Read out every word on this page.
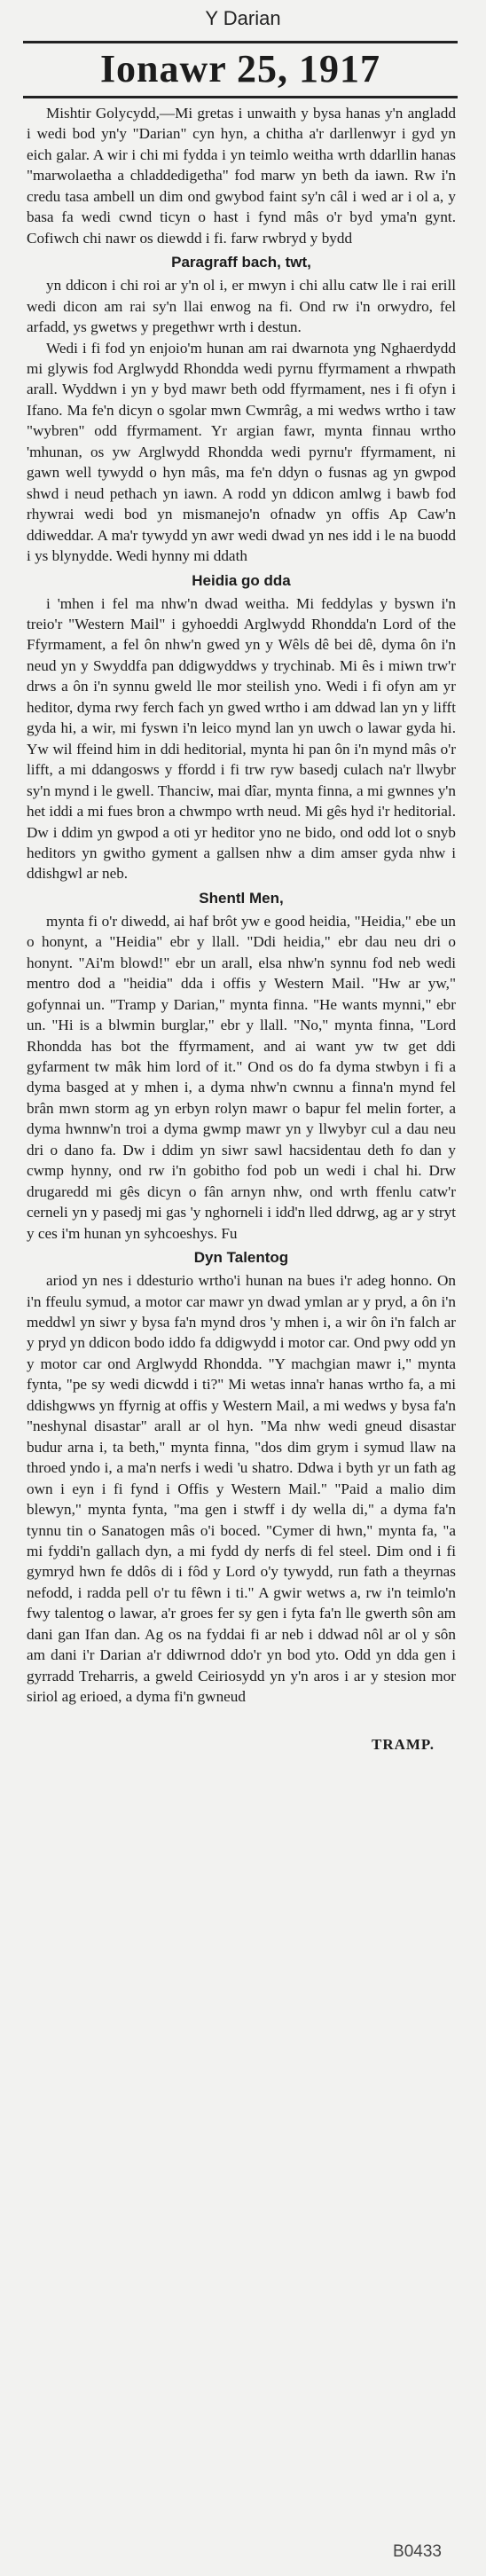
Y Darian
Ionawr 25, 1917

Mishtir Golycydd,—Mi gretas i unwaith y bysa hanas y'n angladd i wedi bod yn'y "Darian" cyn hyn, a chitha a'r darllenwyr i gyd yn eich galar. A wir i chi mi fydda i yn teimlo weitha wrth ddarllin hanas "marwolaetha a chladdedigetha" fod marw yn beth da iawn. Rw i'n credu tasa ambell un dim ond gwybod faint sy'n câl i wed ar i ol a, y basa fa wedi cwnd ticyn o hast i fynd mâs o'r byd yma'n gynt. Cofiwch chi nawr os diewdd i fi. farw rwbryd y bydd

Paragraff bach, twt,

yn ddicon i chi roi ar y'n ol i, er mwyn i chi allu catw lle i rai erill wedi dicon am rai sy'n llai enwog na fi. Ond rw i'n orwydro, fel arfadd, ys gwetws y pregethwr wrth i destun.

Wedi i fi fod yn enjoio'm hunan am rai dwarnota yng Nghaerdydd mi glywis fod Arglwydd Rhondda wedi pyrnu ffyrmament a rhwpath arall. Wyddwn i yn y byd mawr beth odd ffyrmament, nes i fi ofyn i Ifano. Ma fe'n dicyn o sgolar mwn Cwmrâg, a mi wedws wrtho i taw "wybren" odd ffyrmament. Yr argian fawr, mynta finnau wrtho 'mhunan, os yw Arglwydd Rhondda wedi pyrnu'r ffyrmament, ni gawn well tywydd o hyn mâs, ma fe'n ddyn o fusnas ag yn gwpod shwd i neud pethach yn iawn. A rodd yn ddicon amlwg i bawb fod rhywrai wedi bod yn mismanejo'n ofnadw yn offis Ap Caw'n ddiweddar. A ma'r tywydd yn awr wedi dwad yn nes idd i le na buodd i ys blynydde. Wedi hynny mi ddath

Heidia go dda

i 'mhen i fel ma nhw'n dwad weitha. Mi feddylas y byswn i'n treio'r "Western Mail" i gyhoeddi Arglwydd Rhondda'n Lord of the Ffyrmament, a fel ôn nhw'n gwed yn y Wêls dê bei dê, dyma ôn i'n neud yn y Swyddfa pan ddigwyddws y trychinab. Mi ês i miwn trw'r drws a ôn i'n synnu gweld lle mor steilish yno. Wedi i fi ofyn am yr heditor, dyma rwy ferch fach yn gwed wrtho i am ddwad lan yn y lifft gyda hi, a wir, mi fyswn i'n leico mynd lan yn uwch o lawar gyda hi. Yw wil ffeind him in ddi heditorial, mynta hi pan ôn i'n mynd mâs o'r lifft, a mi ddangosws y ffordd i fi trw ryw basedj culach na'r llwybr sy'n mynd i le gwell. Thanciw, mai dîar, mynta finna, a mi gwnnes y'n het iddi a mi fues bron a chwmpo wrth neud. Mi gês hyd i'r heditorial. Dw i ddim yn gwpod a oti yr heditor yno ne bido, ond odd lot o snyb heditors yn gwitho gyment a gallsen nhw a dim amser gyda nhw i ddishgwl ar neb.

Shentl Men,

mynta fi o'r diwedd, ai haf brôt yw e good heidia, "Heidia," ebe un o honynt, a "Heidia" ebr y llall. "Ddi heidia," ebr dau neu dri o honynt. "Ai'm blowd!" ebr un arall, elsa nhw'n synnu fod neb wedi mentro dod a "heidia" dda i offis y Western Mail. "Hw ar yw," gofynnai un. "Tramp y Darian," mynta finna. "He wants mynni," ebr un. "Hi is a blwmin burglar," ebr y llall. "No," mynta finna, "Lord Rhondda has bot the ffyrmament, and ai want yw tw get ddi gyfarment tw mâk him lord of it." Ond os do fa dyma stwbyn i fi a dyma basged at y mhen i, a dyma nhw'n cwnnu a finna'n mynd fel brân mwn storm ag yn erbyn rolyn mawr o bapur fel melin forter, a dyma hwnnw'n troi a dyma gwmp mawr yn y llwybyr cul a dau neu dri o dano fa. Dw i ddim yn siwr sawl hacsidentau deth fo dan y cwmp hynny, ond rw i'n gobitho fod pob un wedi i chal hi. Drw drugaredd mi gês dicyn o fân arnyn nhw, ond wrth ffenlu catw'r cerneli yn y pasedj mi gas 'y nghorneli i idd'n lled ddrwg, ag ar y stryt y ces i'm hunan yn syhcoeshys. Fu

Dyn Talentog

ariod yn nes i ddesturio wrtho'i hunan na bues i'r adeg honno. On i'n ffeulu symud, a motor car mawr yn dwad ymlan ar y pryd, a ôn i'n meddwl yn siwr y bysa fa'n mynd dros 'y mhen i, a wir ôn i'n falch ar y pryd yn ddicon bodo iddo fa ddigwydd i motor car. Ond pwy odd yn y motor car ond Arglwydd Rhondda. "Y machgian mawr i," mynta fynta, "pe sy wedi dicwdd i ti?" Mi wetas inna'r hanas wrtho fa, a mi ddishgwws yn ffyrnig at offis y Western Mail, a mi wedws y bysa fa'n "neshynal disastar" arall ar ol hyn. "Ma nhw wedi gneud disastar budur arna i, ta beth," mynta finna, "dos dim grym i symud llaw na throed yndo i, a ma'n nerfs i wedi 'u shatro. Ddwa i byth yr un fath ag own i eyn i fi fynd i Offis y Western Mail." "Paid a malio dim blewyn," mynta fynta, "ma gen i stwff i dy wella di," a dyma fa'n tynnu tin o Sanatogen mâs o'i boced. "Cymer di hwn," mynta fa, "a mi fyddi'n gallach dyn, a mi fydd dy nerfs di fel steel. Dim ond i fi gymryd hwn fe ddôs di i fôd y Lord o'y tywydd, run fath a theyrnas nefodd, i radda pell o'r tu fêwn i ti." A gwir wetws a, rw i'n teimlo'n fwy talentog o lawar, a'r groes fer sy gen i fyta fa'n lle gwerth sôn am dani gan Ifan dan. Ag os na fyddai fi ar neb i ddwad nôl ar ol y sôn am dani i'r Darian a'r ddiwrnod ddo'r yn bod yto. Odd yn dda gen i gyrradd Treharris, a gweld Ceiriosydd yn y'n aros i ar y stesion mor siriol ag erioed, a dyma fi'n gwneud

TRAMP.
B0433
